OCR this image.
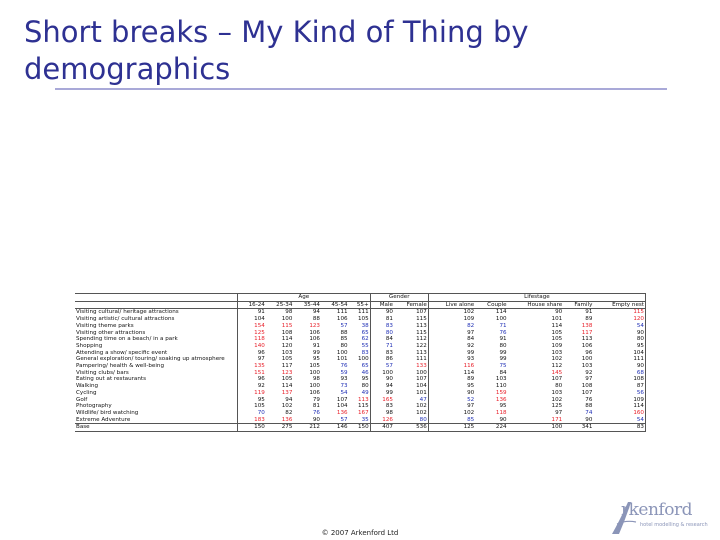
Short breaks – My Kind of Thing by
demographics
	Age					Gender		Lifestage				
	16-24	25-34	35-44	45-54	55+	Male	Female	Live alone	Couple	House share	Family	Empty nest
Visiting cultural/ heritage attractions	91	98	94	111	111	90	107	102	114	90	91	115
Visiting artistic/ cultural attractions	104	100	88	106	105	81	115	109	100	101	89	120
Visiting theme parks	154	115	123	57	38	83	113	82	71	114	138	54
Visiting other attractions	125	108	106	88	65	80	115	97	76	105	117	90
Spending time on a beach/ in a park	118	114	106	85	62	84	112	84	91	105	113	80
Shopping	140	120	91	80	55	71	122	92	80	109	106	95
Attending a show/ specific event	96	103	99	100	83	83	113	99	99	103	96	104
General exploration/ touring/ soaking up atmosphere	97	105	95	101	100	86	111	93	99	102	100	111
Pampering/ health & well-being	135	117	105	76	65	57	133	116	75	112	103	90
Visiting clubs/ bars	151	123	100	59	46	100	100	114	84	145	92	68
Eating out at restaurants	96	105	98	93	95	90	107	89	103	107	97	108
Walking	92	114	100	73	80	94	104	95	110	80	108	87
Cycling	119	137	106	54	49	99	101	90	159	103	107	56
Golf	95	94	79	107	113	165	47	52	136	102	76	109
Photography	105	102	81	104	115	83	102	97	95	125	88	114
Wildlife/ bird watching	70	82	76	136	167	98	102	102	118	97	74	160
Extreme Adventure	183	136	90	57	35	126	80	85	90	171	90	54
Base	150	275	212	146	150	407	536	125	224	100	341	83
© 2007 Arkenford Ltd
rkenford
hotel modelling & research
